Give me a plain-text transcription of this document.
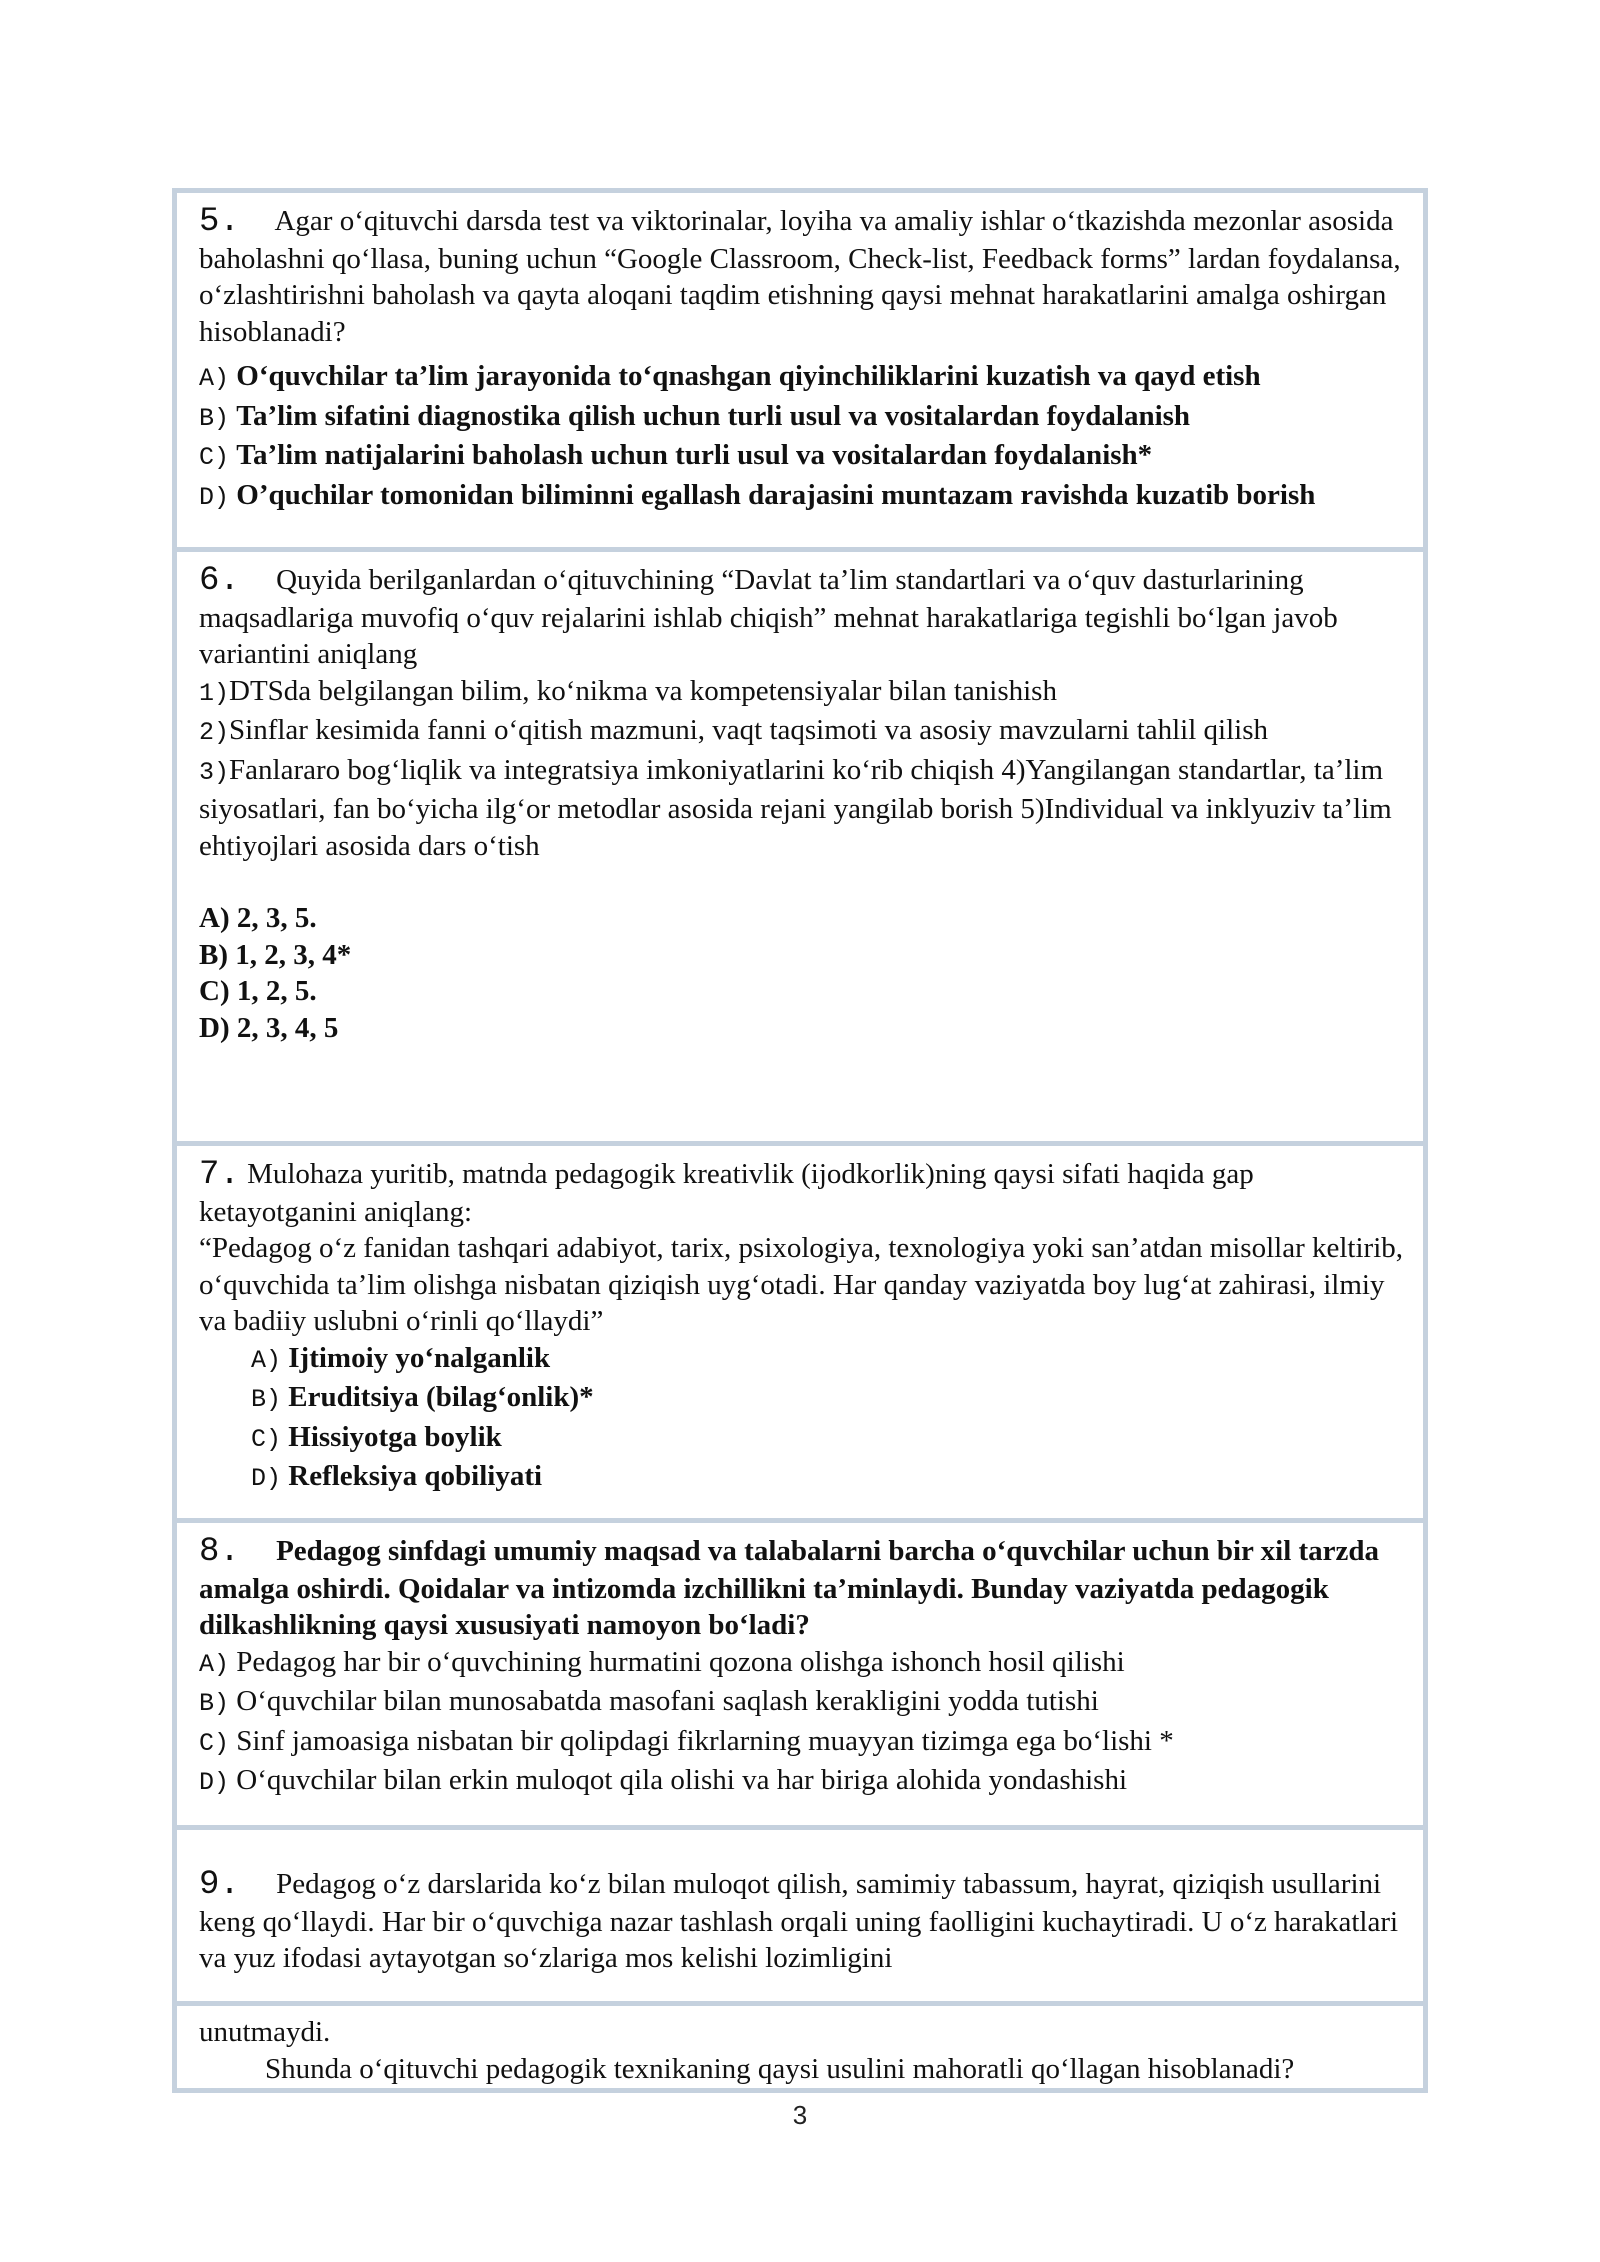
5. Agar o‘qituvchi darsda test va viktorinalar, loyiha va amaliy ishlar o‘tkazishda mezonlar asosida baholashni qo‘llasa, buning uchun “Google Classroom, Check-list, Feedback forms” lardan foydalansa, o‘zlashtirishni baholash va qayta aloqani taqdim etishning qaysi mehnat harakatlarini amalga oshirgan hisoblanadi?

A) O‘quvchilar ta’lim jarayonida to‘qnashgan qiyinchiliklarini kuzatish va qayd etish

B) Ta’lim sifatini diagnostika qilish uchun turli usul va vositalardan foydalanish

C) Ta’lim natijalarini baholash uchun turli usul va vositalardan foydalanish*

D) O’quchilar tomonidan biliminni egallash darajasini muntazam ravishda kuzatib borish

6. Quyida berilganlardan o‘qituvchining “Davlat ta’lim standartlari va o‘quv dasturlarining maqsadlariga muvofiq o‘quv rejalarini ishlab chiqish” mehnat harakatlariga tegishli bo‘lgan javob variantini aniqlang

1)DTSda belgilangan bilim, ko‘nikma va kompetensiyalar bilan tanishish

2)Sinflar kesimida fanni o‘qitish mazmuni, vaqt taqsimoti va asosiy mavzularni tahlil qilish

3)Fanlararo bog‘liqlik va integratsiya imkoniyatlarini ko‘rib chiqish 4)Yangilangan standartlar, ta’lim siyosatlari, fan bo‘yicha ilg‘or metodlar asosida rejani yangilab borish 5)Individual va inklyuziv ta’lim ehtiyojlari asosida dars o‘tish

A) 2, 3, 5.

B) 1, 2, 3, 4*

C) 1, 2, 5.

D) 2, 3, 4, 5

7. Mulohaza yuritib, matnda pedagogik kreativlik (ijodkorlik)ning qaysi sifati haqida gap ketayotganini aniqlang:

“Pedagog o‘z fanidan tashqari adabiyot, tarix, psixologiya, texnologiya yoki san’atdan misollar keltirib, o‘quvchida ta’lim olishga nisbatan qiziqish uyg‘otadi. Har qanday vaziyatda boy lug‘at zahirasi, ilmiy va badiiy uslubni o‘rinli qo‘llaydi”

A) Ijtimoiy yo‘nalganlik

B) Eruditsiya (bilag‘onlik)*

C) Hissiyotga boylik

D) Refleksiya qobiliyati

8. Pedagog sinfdagi umumiy maqsad va talabalarni barcha o‘quvchilar uchun bir xil tarzda amalga oshirdi. Qoidalar va intizomda izchillikni ta’minlaydi. Bunday vaziyatda pedagogik dilkashlikning qaysi xususiyati namoyon bo‘ladi?

A) Pedagog har bir o‘quvchining hurmatini qozona olishga ishonch hosil qilishi

B) O‘quvchilar bilan munosabatda masofani saqlash kerakligini yodda tutishi

C) Sinf jamoasiga nisbatan bir qolipdagi fikrlarning muayyan tizimga ega bo‘lishi *

D) O‘quvchilar bilan erkin muloqot qila olishi va har biriga alohida yondashishi

9. Pedagog o‘z darslarida ko‘z bilan muloqot qilish, samimiy tabassum, hayrat, qiziqish usullarini keng qo‘llaydi. Har bir o‘quvchiga nazar tashlash orqali uning faolligini kuchaytiradi. U o‘z harakatlari va yuz ifodasi aytayotgan so‘zlariga mos kelishi lozimligini

unutmaydi.

Shunda o‘qituvchi pedagogik texnikaning qaysi usulini mahoratli qo‘llagan hisoblanadi?

3
